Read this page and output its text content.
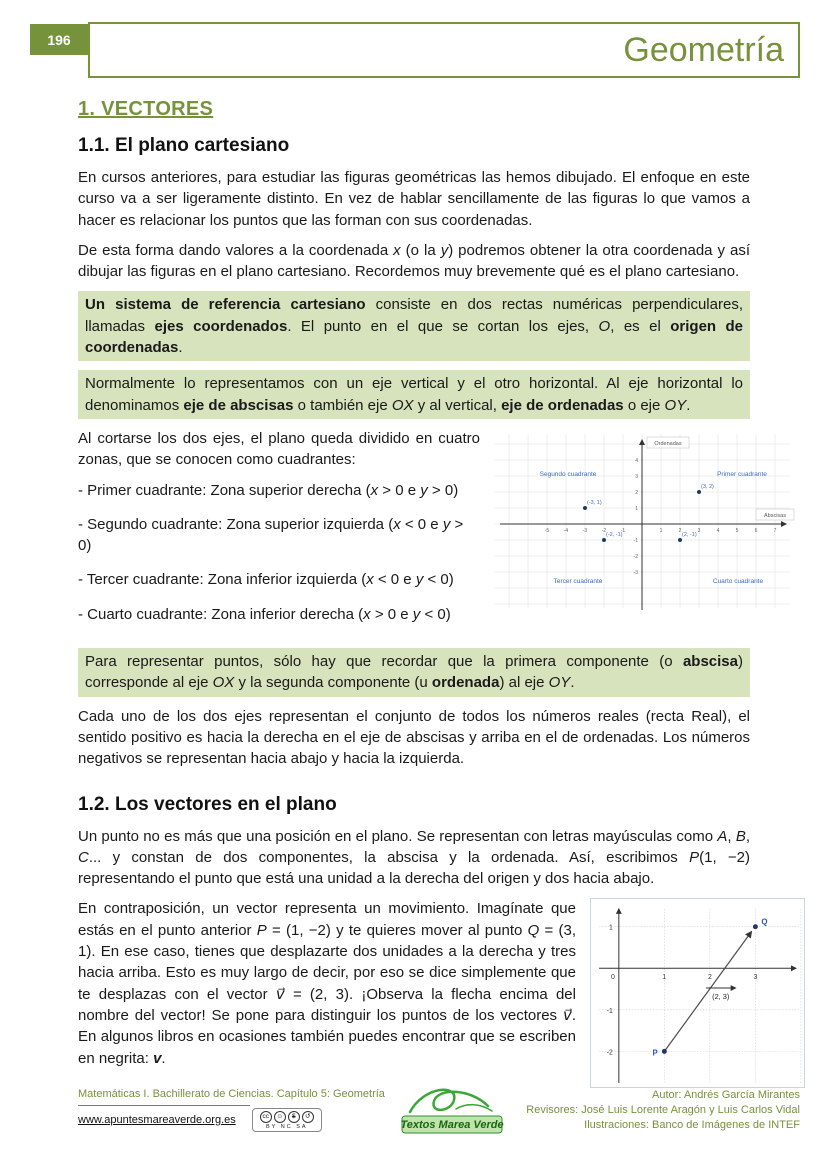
196	Geometría
1. VECTORES
1.1. El plano cartesiano

En cursos anteriores, para estudiar las figuras geométricas las hemos dibujado. El enfoque en este curso va a ser ligeramente distinto. En vez de hablar sencillamente de las figuras lo que vamos a hacer es relacionar los puntos que las forman con sus coordenadas.

De esta forma dando valores a la coordenada x (o la y) podremos obtener la otra coordenada y así dibujar las figuras en el plano cartesiano. Recordemos muy brevemente qué es el plano cartesiano.

Un sistema de referencia cartesiano consiste en dos rectas numéricas perpendiculares, llamadas ejes coordenados. El punto en el que se cortan los ejes, O, es el origen de coordenadas.
Normalmente lo representamos con un eje vertical y el otro horizontal. Al eje horizontal lo denominamos eje de abscisas o también eje OX y al vertical, eje de ordenadas o eje OY.

Al cortarse los dos ejes, el plano queda dividido en cuatro zonas, que se conocen como cuadrantes:

- Primer cuadrante: Zona superior derecha (x > 0 e y > 0)

- Segundo cuadrante: Zona superior izquierda (x < 0 e y > 0)

- Tercer cuadrante: Zona inferior izquierda (x < 0 e y < 0)

- Cuarto cuadrante: Zona inferior derecha (x > 0 e y < 0)

Ordenadas
Abscisas
Segundo cuadrante	Primer cuadrante
Tercer cuadrante	Cuarto cuadrante
-5	-4	-3	-2	-1	1	2	3	4	5	6	7
-3
-2
-1
1
2
3
4
(-3, 1)
(3, 2)
(-2, -1)	(2, -1)
Para representar puntos, sólo hay que recordar que la primera componente (o abscisa) corresponde al eje OX y la segunda componente (u ordenada) al eje OY.

Cada uno de los dos ejes representan el conjunto de todos los números reales (recta Real), el sentido positivo es hacia la derecha en el eje de abscisas y arriba en el de ordenadas. Los números negativos se representan hacia abajo y hacia la izquierda.

1.2. Los vectores en el plano

Un punto no es más que una posición en el plano. Se representan con letras mayúsculas como A, B, C... y constan de dos componentes, la abscisa y la ordenada. Así, escribimos P(1, −2) representando el punto que está una unidad a la derecha del origen y dos hacia abajo.

En contraposición, un vector representa un movimiento. Imagínate que estás en el punto anterior P = (1, −2) y te quieres mover al punto Q = (3, 1). En ese caso, tienes que desplazarte dos unidades a la derecha y tres hacia arriba. Esto es muy largo de decir, por eso se dice simplemente que te desplazas con el vector v⃗ = (2, 3). ¡Observa la flecha encima del nombre del vector! Se pone para distinguir los puntos de los vectores v⃗. En algunos libros en ocasiones también puedes encontrar que se escriben en negrita: v.

0	1	2	3
1
-1
-2	P
Q
(2, 3)
Matemáticas I. Bachillerato de Ciencias. Capítulo 5: Geometría
www.apuntesmareaverde.org.es	cc	☺	$	↺
BY NC SA	Textos Marea Verde
Autor: Andrés García Mirantes
Revisores: José Luis Lorente Aragón y Luis Carlos Vidal
Ilustraciones: Banco de Imágenes de INTEF
